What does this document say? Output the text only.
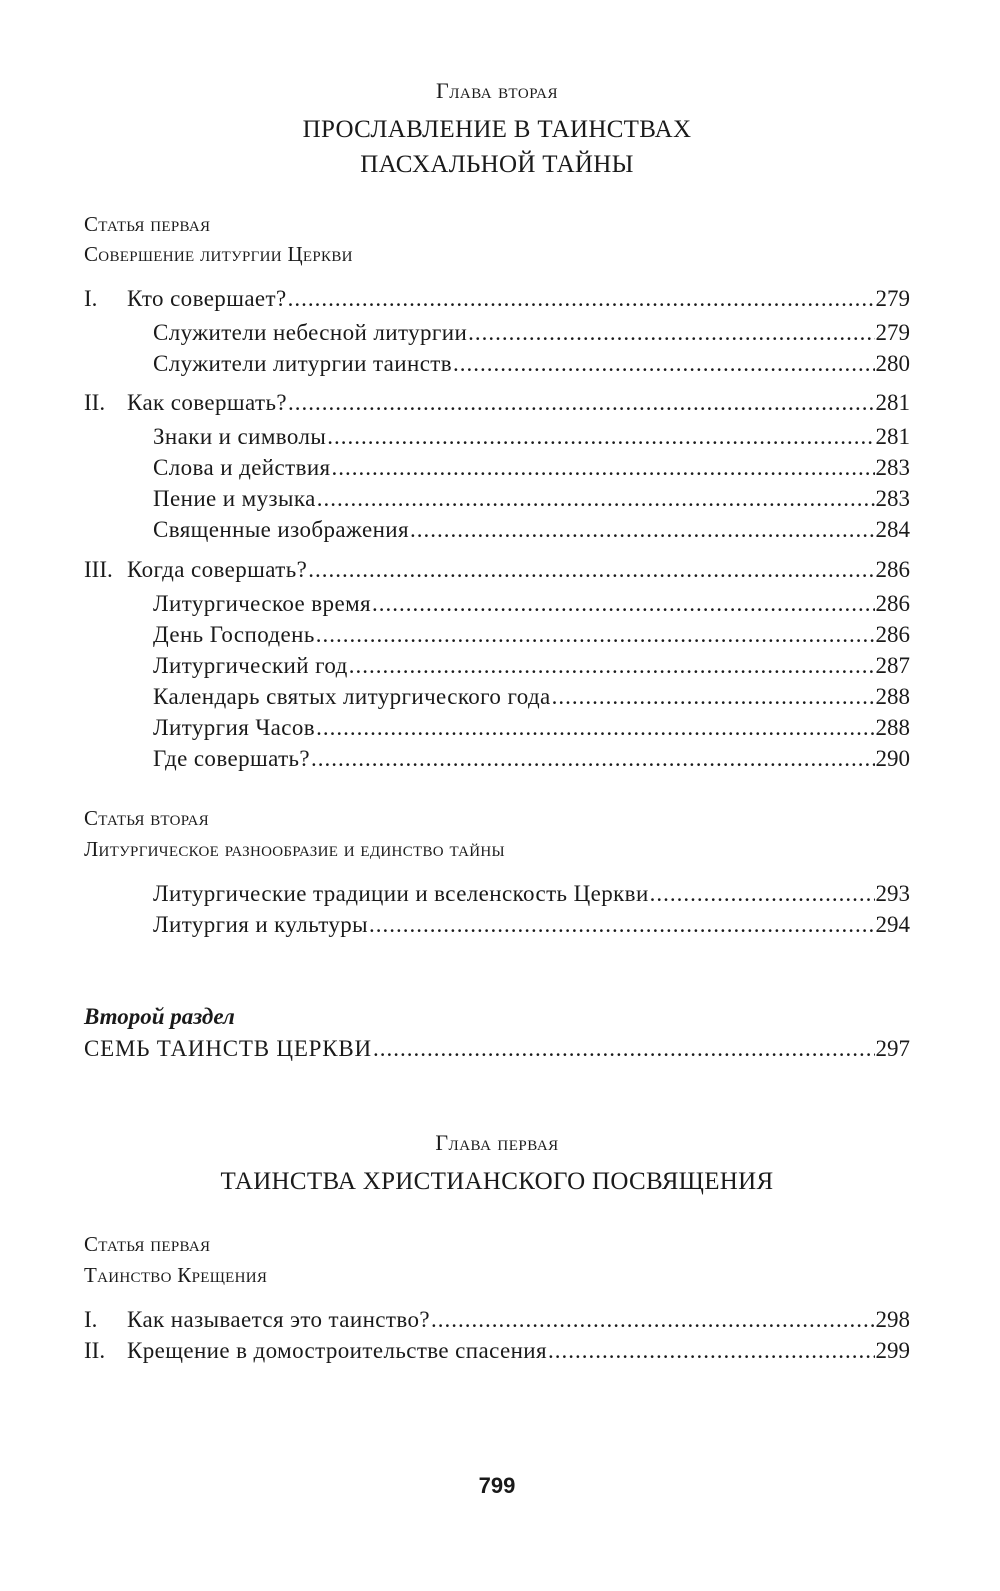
Глава вторая
ПРОСЛАВЛЕНИЕ В ТАИНСТВАХ
ПАСХАЛЬНОЙ ТАЙНЫ
Статья первая
Совершение литургии Церкви
I.	Кто совершает? .....	279
Служители небесной литургии .....	279
Служители литургии таинств .....	280
II. Как совершать? .....	281
Знаки и символы .....	281
Слова и действия .....	283
Пение и музыка .....	283
Священные изображения .....	284
III. Когда совершать? .....	286
Литургическое время .....	286
День Господень .....	286
Литургический год .....	287
Календарь святых литургического года .....	288
Литургия Часов .....	288
Где совершать? .....	290
Статья вторая
Литургическое разнообразие и единство тайны
Литургические традиции и вселенскость Церкви .....	293
Литургия и культуры .....	294
Второй раздел
СЕМЬ ТАИНСТВ ЦЕРКВИ .....	297
Глава первая
ТАИНСТВА ХРИСТИАНСКОГО ПОСВЯЩЕНИЯ
Статья первая
Таинство Крещения
I.	Как называется это таинство? .....	298
II. Крещение в домостроительстве спасения .....	299
799
